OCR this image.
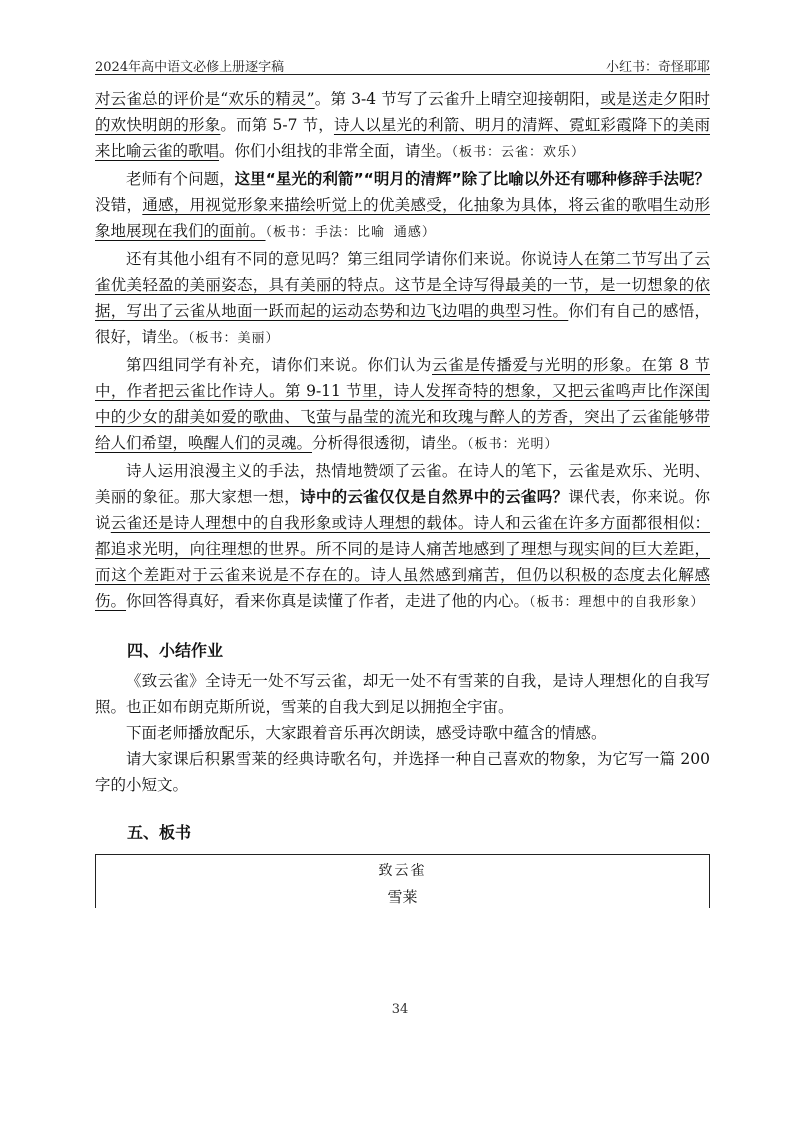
2024年高中语文必修上册逐字稿	小红书：奇怪耶耶

对云雀总的评价是“欢乐的精灵”。第 3-4 节写了云雀升上晴空迎接朝阳，或是送走夕阳时的欢快明朗的形象。而第 5-7 节，诗人以星光的利箭、明月的清辉、霓虹彩霞降下的美雨来比喻云雀的歌唱。你们小组找的非常全面，请坐。（板书：云雀：欢乐）

老师有个问题，这里“星光的利箭”“明月的清辉”除了比喻以外还有哪种修辞手法呢？没错，通感，用视觉形象来描绘听觉上的优美感受，化抽象为具体，将云雀的歌唱生动形象地展现在我们的面前。（板书：手法：比喻 通感）

还有其他小组有不同的意见吗？第三组同学请你们来说。你说诗人在第二节写出了云雀优美轻盈的美丽姿态，具有美丽的特点。这节是全诗写得最美的一节，是一切想象的依据，写出了云雀从地面一跃而起的运动态势和边飞边唱的典型习性。你们有自己的感悟，很好，请坐。（板书：美丽）

第四组同学有补充，请你们来说。你们认为云雀是传播爱与光明的形象。在第 8 节中，作者把云雀比作诗人。第 9-11 节里，诗人发挥奇特的想象，又把云雀鸣声比作深闺中的少女的甜美如爱的歌曲、飞萤与晶莹的流光和玫瑰与醉人的芳香，突出了云雀能够带给人们希望，唤醒人们的灵魂。分析得很透彻，请坐。（板书：光明）

诗人运用浪漫主义的手法，热情地赞颂了云雀。在诗人的笔下，云雀是欢乐、光明、美丽的象征。那大家想一想，诗中的云雀仅仅是自然界中的云雀吗？课代表，你来说。你说云雀还是诗人理想中的自我形象或诗人理想的载体。诗人和云雀在许多方面都很相似：都追求光明，向往理想的世界。所不同的是诗人痛苦地感到了理想与现实间的巨大差距，而这个差距对于云雀来说是不存在的。诗人虽然感到痛苦，但仍以积极的态度去化解感伤。你回答得真好，看来你真是读懂了作者，走进了他的内心。（板书：理想中的自我形象）

四、小结作业

《致云雀》全诗无一处不写云雀，却无一处不有雪莱的自我，是诗人理想化的自我写照。也正如布朗克斯所说，雪莱的自我大到足以拥抱全宇宙。

下面老师播放配乐，大家跟着音乐再次朗读，感受诗歌中蕴含的情感。

请大家课后积累雪莱的经典诗歌名句，并选择一种自己喜欢的物象，为它写一篇 200 字的小短文。

五、板书
致云雀
雪莱
34
